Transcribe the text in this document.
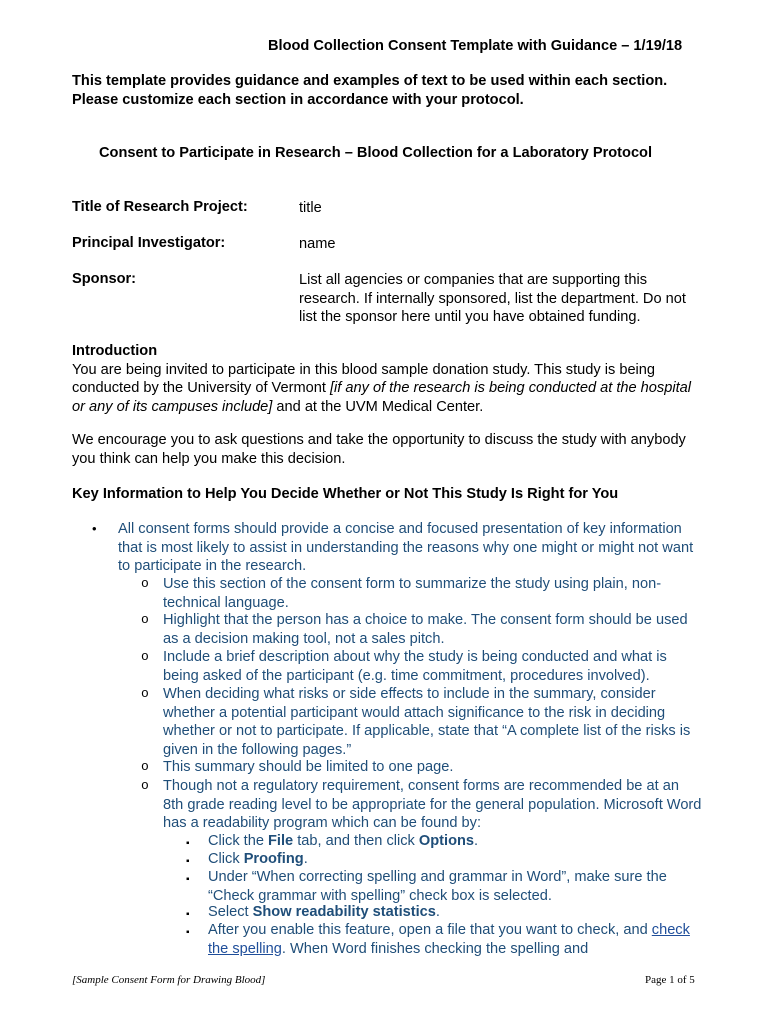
Blood Collection Consent Template with Guidance – 1/19/18
This template provides guidance and examples of text to be used within each section.
Please customize each section in accordance with your protocol.
Consent to Participate in Research – Blood Collection for a Laboratory Protocol
Title of Research Project:	title
Principal Investigator:	name
Sponsor:	List all agencies or companies that are supporting this research. If internally sponsored, list the department. Do not list the sponsor here until you have obtained funding.
Introduction
You are being invited to participate in this blood sample donation study. This study is being conducted by the University of Vermont [if any of the research is being conducted at the hospital or any of its campuses include] and at the UVM Medical Center.
We encourage you to ask questions and take the opportunity to discuss the study with anybody you think can help you make this decision.
Key Information to Help You Decide Whether or Not This Study Is Right for You
•	All consent forms should provide a concise and focused presentation of key information that is most likely to assist in understanding the reasons why one might or might not want to participate in the research.
o Use this section of the consent form to summarize the study using plain, non-technical language.
o Highlight that the person has a choice to make. The consent form should be used as a decision making tool, not a sales pitch.
o Include a brief description about why the study is being conducted and what is being asked of the participant (e.g. time commitment, procedures involved).
o When deciding what risks or side effects to include in the summary, consider whether a potential participant would attach significance to the risk in deciding whether or not to participate. If applicable, state that “A complete list of the risks is given in the following pages.”
o This summary should be limited to one page.
o Though not a regulatory requirement, consent forms are recommended be at an 8th grade reading level to be appropriate for the general population. Microsoft Word has a readability program which can be found by:
▪	Click the File tab, and then click Options.
▪	Click Proofing.
▪	Under “When correcting spelling and grammar in Word”, make sure the “Check grammar with spelling” check box is selected.
▪	Select Show readability statistics.
▪	After you enable this feature, open a file that you want to check, and check the spelling. When Word finishes checking the spelling and
[Sample Consent Form for Drawing Blood]	Page 1 of 5
